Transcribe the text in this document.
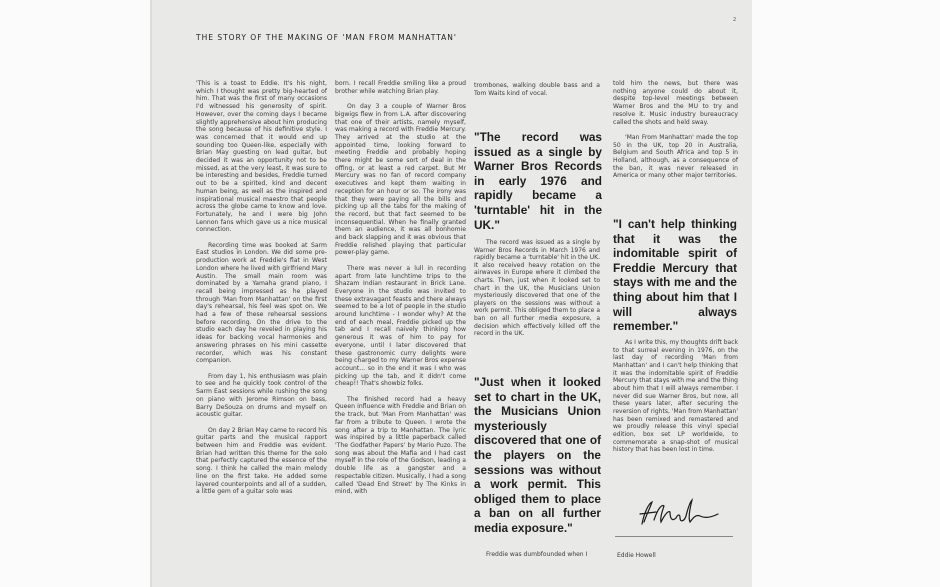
2
THE STORY OF THE MAKING OF 'MAN FROM MANHATTAN'

'This is a toast to Eddie. It's his night, which I thought was pretty big-hearted of him. That was the first of many occasions I'd witnessed his generosity of spirit. However, over the coming days I became slightly apprehensive about him producing the song because of his definitive style. I was concerned that it would end up sounding too Queen-like, especially with Brian May guesting on lead guitar, but decided it was an opportunity not to be missed, as at the very least, it was sure to be interesting and besides, Freddie turned out to be a spirited, kind and decent human being, as well as the inspired and inspirational musical maestro that people across the globe came to know and love. Fortunately, he and I were big John Lennon fans which gave us a nice musical connection.

Recording time was booked at Sarm East studios in London. We did some pre-production work at Freddie's flat in West London where he lived with girlfriend Mary Austin. The small main room was dominated by a Yamaha grand piano, I recall being impressed as he played through 'Man from Manhattan' on the first day's rehearsal, his feel was spot on. We had a few of these rehearsal sessions before recording. On the drive to the studio each day he reveled in playing his ideas for backing vocal harmonies and answering phrases on his mini cassette recorder, which was his constant companion.

From day 1, his enthusiasm was plain to see and he quickly took control of the Sarm East sessions while rushing the song on piano with Jerome Rimson on bass, Barry DeSouza on drums and myself on acoustic guitar.

On day 2 Brian May came to record his guitar parts and the musical rapport between him and Freddie was evident. Brian had written this theme for the solo that perfectly captured the essence of the song. I think he called the main melody line on the first take. He added some layered counterpoints and all of a sudden, a little gem of a guitar solo was

born. I recall Freddie smiling like a proud brother while watching Brian play.

On day 3 a couple of Warner Bros bigwigs flew in from L.A. after discovering that one of their artists, namely myself, was making a record with Freddie Mercury. They arrived at the studio at the appointed time, looking forward to meeting Freddie and probably hoping there might be some sort of deal in the offing, or at least a red carpet. But Mr Mercury was no fan of record company executives and kept them waiting in reception for an hour or so. The irony was that they were paying all the bills and picking up all the tabs for the making of the record, but that fact seemed to be inconsequential. When he finally granted them an audience, it was all bonhomie and back slapping and it was obvious that Freddie relished playing that particular power-play game.

There was never a lull in recording apart from late lunchtime trips to the Shazam Indian restaurant in Brick Lane. Everyone in the studio was invited to these extravagant feasts and there always seemed to be a lot of people in the studio around lunchtime - I wonder why? At the end of each meal, Freddie picked up the tab and I recall naively thinking how generous it was of him to pay for everyone, until I later discovered that these gastronomic curry delights were being charged to my Warner Bros expense account... so in the end it was I who was picking up the tab, and it didn't come cheap!! That's showbiz folks.

The finished record had a heavy Queen influence with Freddie and Brian on the track, but 'Man From Manhattan' was far from a tribute to Queen. I wrote the song after a trip to Manhattan. The lyric was inspired by a little paperback called 'The Godfather Papers' by Mario Puzo. The song was about the Mafia and I had cast myself in the role of the Godson, leading a double life as a gangster and a respectable citizen. Musically, I had a song called 'Dead End Street' by The Kinks in mind, with

trombones, walking double bass and a Tom Waits kind of vocal.

"The record was issued as a single by Warner Bros Records in early 1976 and rapidly became a 'turntable' hit in the UK."

The record was issued as a single by Warner Bros Records in March 1976 and rapidly became a 'turntable' hit in the UK. It also received heavy rotation on the airwaves in Europe where it climbed the charts. Then, just when it looked set to chart in the UK, the Musicians Union mysteriously discovered that one of the players on the sessions was without a work permit. This obliged them to place a ban on all further media exposure, a decision which effectively killed off the record in the UK.

"Just when it looked set to chart in the UK, the Musicians Union mysteriously discovered that one of the players on the sessions was without a work permit. This obliged them to place a ban on all further media exposure."

Freddie was dumbfounded when I

told him the news, but there was nothing anyone could do about it, despite top-level meetings between Warner Bros and the MU to try and resolve it. Music industry bureaucracy called the shots and held sway.

'Man From Manhattan' made the top 50 in the UK, top 20 in Australia, Belgium and South Africa and top 5 in Holland, although, as a consequence of the ban, it was never released in America or many other major territories.

"I can't help thinking that it was the indomitable spirit of Freddie Mercury that stays with me and the thing about him that I will always remember."

As I write this, my thoughts drift back to that surreal evening in 1976, on the last day of recording 'Man from Manhattan' and I can't help thinking that it was the indomitable spirit of Freddie Mercury that stays with me and the thing about him that I will always remember. I never did sue Warner Bros, but now, all these years later, after securing the reversion of rights, 'Man from Manhattan' has been remixed and remastered and we proudly release this vinyl special edition, box set LP worldwide, to commemorate a snap-shot of musical history that has been lost in time.

Eddie Howell
